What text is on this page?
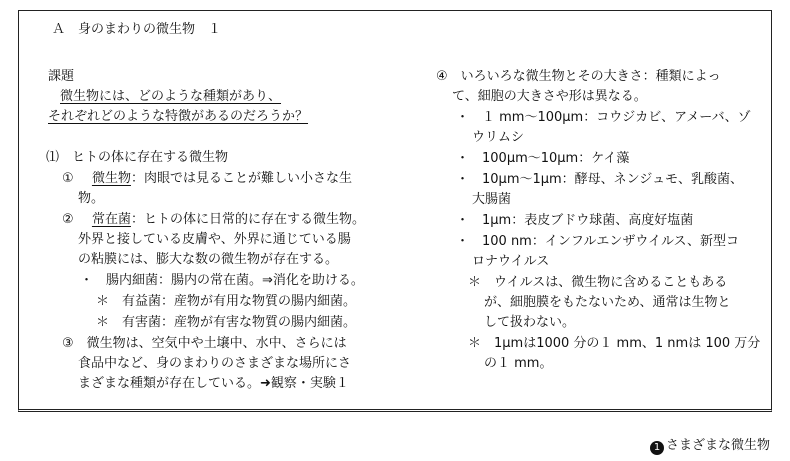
Ａ　身のまわりの微生物　１
課題
微生物には、どのような種類があり、
それぞれどのような特徴があるのだろうか？
⑴　ヒトの体に存在する微生物
① 微生物：肉眼では見ることが難しい小さな生
物。
② 常在菌：ヒトの体に日常的に存在する微生物。
外界と接している皮膚や、外界に通じている腸
の粘膜には、膨大な数の微生物が存在する。
・　腸内細菌：腸内の常在菌。⇒消化を助ける。
＊　有益菌：産物が有用な物質の腸内細菌。
＊　有害菌：産物が有害な物質の腸内細菌。
③　微生物は、空気中や土壌中、水中、さらには
食品中など、身のまわりのさまざまな場所にさ
まざまな種類が存在している。➜観察・実験１
④　いろいろな微生物とその大きさ：種類によっ
て、細胞の大きさや形は異なる。
・　１ mm〜100μm：コウジカビ、アメーバ、ゾ
ウリムシ
・　100μm〜10μm：ケイ藻
・　10μm〜1μm：酵母、ネンジュモ、乳酸菌、
大腸菌
・　1μm：表皮ブドウ球菌、高度好塩菌
・　100 nm：インフルエンザウイルス、新型コ
ロナウイルス
＊　ウイルスは、微生物に含めることもある
が、細胞膜をもたないため、通常は生物と
して扱わない。
＊　1μmは1000 分の１ mm、1 nmは 100 万分
の１ mm。
1 さまざまな微生物
